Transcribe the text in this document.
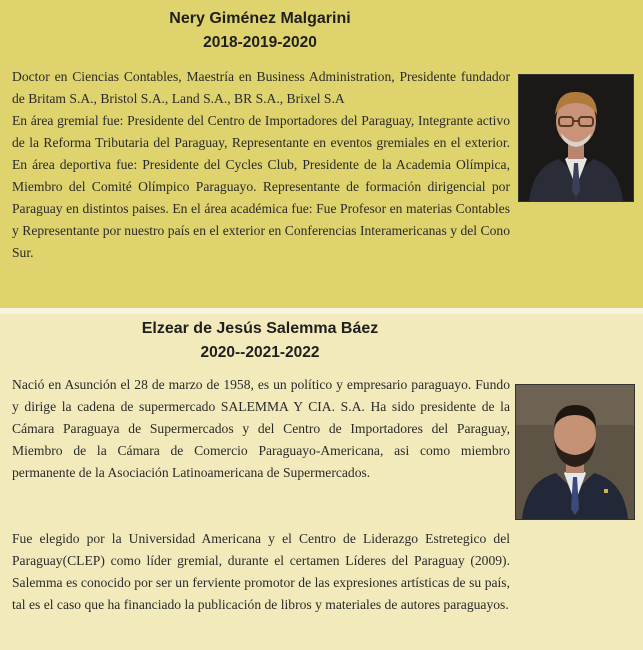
Nery Giménez Malgarini
2018-2019-2020

Doctor en Ciencias Contables, Maestría en Business Administration, Presidente fundador de Britam S.A., Bristol S.A., Land S.A., BR S.A., Brixel S.A
En área gremial fue: Presidente del Centro de Importadores del Paraguay, Integrante activo de la Reforma Tributaria del Paraguay, Representante en eventos gremiales en el exterior. En área deportiva fue: Presidente del Cycles Club, Presidente de la Academia Olímpica, Miembro del Comité Olímpico Paraguayo. Representante de formación dirigencial por Paraguay en distintos paises. En el área académica fue: Fue Profesor en materias Contables y Representante por nuestro país en el exterior en Conferencias Interamericanas y del Cono Sur.

Elzear de Jesús Salemma Báez
2020--2021-2022

Nació en Asunción el 28 de marzo de 1958, es un político y empresario paraguayo. Fundo y dirige la cadena de supermercado SALEMMA Y CIA. S.A. Ha sido presidente de la Cámara Paraguaya de Supermercados y del Centro de Importadores del Paraguay, Miembro de la Cámara de Comercio Paraguayo-Americana, asi como miembro permanente de la Asociación Latinoamericana de Supermercados.

Fue elegido por la Universidad Americana y el Centro de Liderazgo Estretegico del Paraguay(CLEP) como líder gremial, durante el certamen Líderes del Paraguay (2009). Salemma es conocido por ser un ferviente promotor de las expresiones artísticas de su país, tal es el caso que ha financiado la publicación de libros y materiales de autores paraguayos.
